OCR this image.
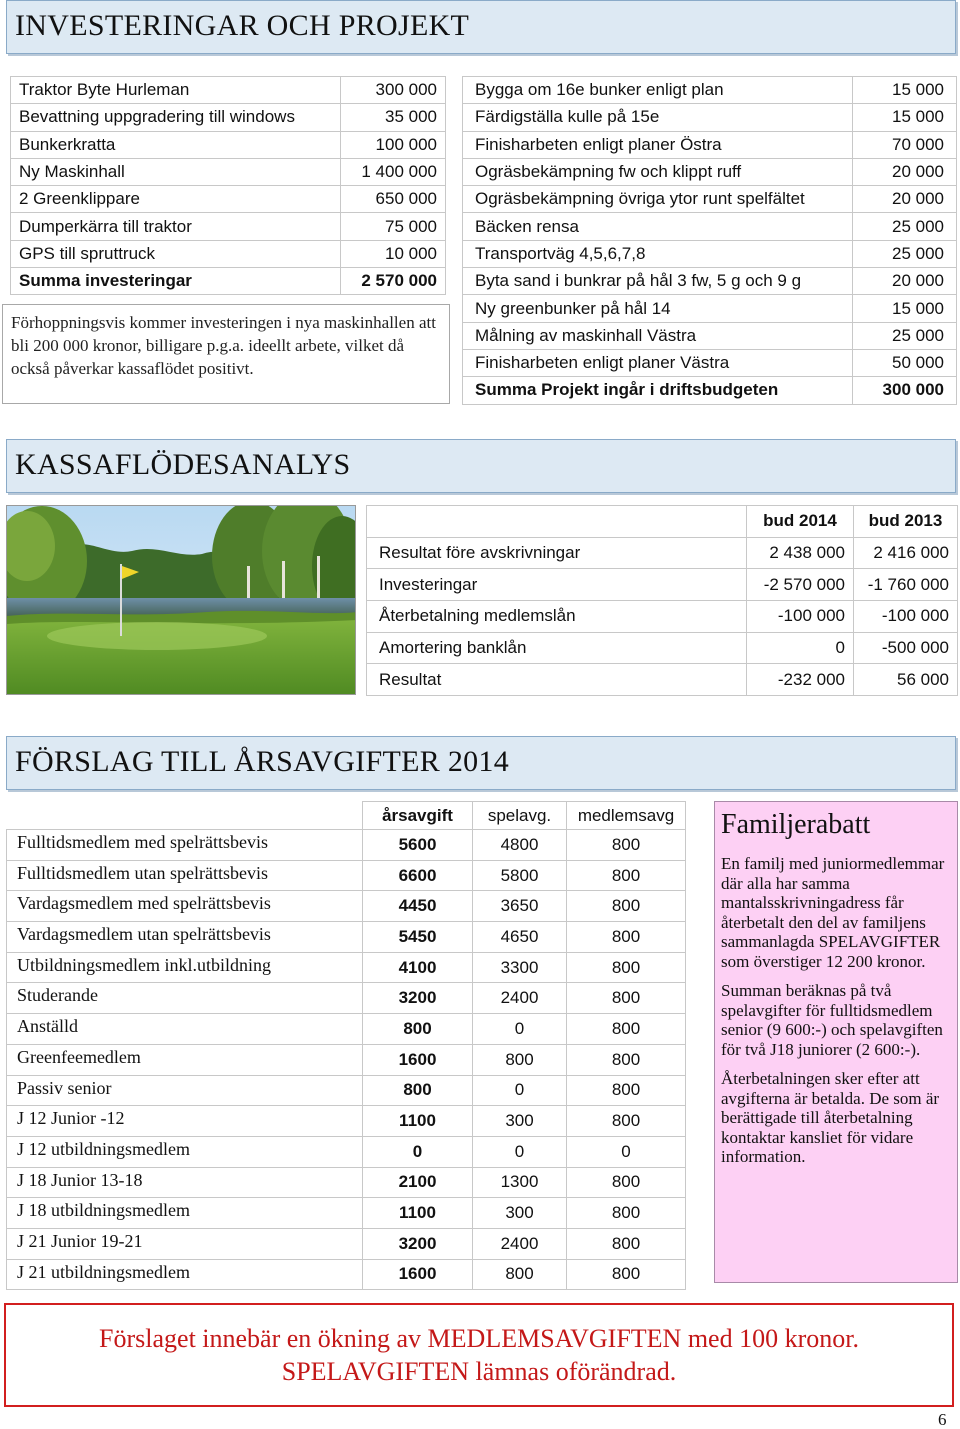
INVESTERINGAR OCH PROJEKT
Traktor Byte Hurleman	300 000
Bevattning uppgradering till windows	35 000
Bunkerkratta	100 000
Ny Maskinhall	1 400 000
2 Greenklippare	650 000
Dumperkärra till traktor	75 000
GPS till spruttruck	10 000
Summa investeringar	2 570 000
Förhoppningsvis kommer investeringen i nya maskinhallen att bli 200 000 kronor, billigare p.g.a. ideellt arbete, vilket då också påverkar kassaflödet positivt.
Bygga om 16e bunker enligt plan	15 000
Färdigställa kulle på 15e	15 000
Finisharbeten enligt planer Östra	70 000
Ogräsbekämpning fw och klippt ruff	20 000
Ogräsbekämpning övriga ytor runt spelfältet	20 000
Bäcken rensa	25 000
Transportväg 4,5,6,7,8	25 000
Byta sand i bunkrar på hål 3 fw, 5 g och 9 g	20 000
Ny greenbunker på hål 14	15 000
Målning av maskinhall Västra	25 000
Finisharbeten enligt planer Västra	50 000
Summa Projekt ingår i driftsbudgeten	300 000
KASSAFLÖDESANALYS
	bud 2014	bud 2013
Resultat före avskrivningar	2 438 000	2 416 000
Investeringar	-2 570 000	-1 760 000
Återbetalning medlemslån	-100 000	-100 000
Amortering banklån	0	-500 000
Resultat	-232 000	56 000
FÖRSLAG TILL ÅRSAVGIFTER 2014
	årsavgift	spelavg.	medlemsavg
Fulltidsmedlem med spelrättsbevis	5600	4800	800
Fulltidsmedlem utan spelrättsbevis	6600	5800	800
Vardagsmedlem med spelrättsbevis	4450	3650	800
Vardagsmedlem utan spelrättsbevis	5450	4650	800
Utbildningsmedlem inkl.utbildning	4100	3300	800
Studerande	3200	2400	800
Anställd	800	0	800
Greenfeemedlem	1600	800	800
Passiv senior	800	0	800
J 12 Junior -12	1100	300	800
J 12 utbildningsmedlem	0	0	0
J 18 Junior 13-18	2100	1300	800
J 18 utbildningsmedlem	1100	300	800
J 21 Junior 19-21	3200	2400	800
J 21 utbildningsmedlem	1600	800	800
Familjerabatt

En familj med juniormedlemmar där alla har samma mantalsskrivningadress får återbetalt den del av familjens sammanlagda SPELAVGIFTER som överstiger 12 200 kronor.

Summan beräknas på två spelavgifter för fulltidsmedlem senior (9 600:-) och spelavgiften för två J18 juniorer (2 600:-).

Återbetalningen sker efter att avgifterna är betalda. De som är berättigade till återbetalning kontaktar kansliet för vidare information.

Förslaget innebär en ökning av MEDLEMSAVGIFTEN med 100 kronor.
SPELAVGIFTEN lämnas oförändrad.
6
